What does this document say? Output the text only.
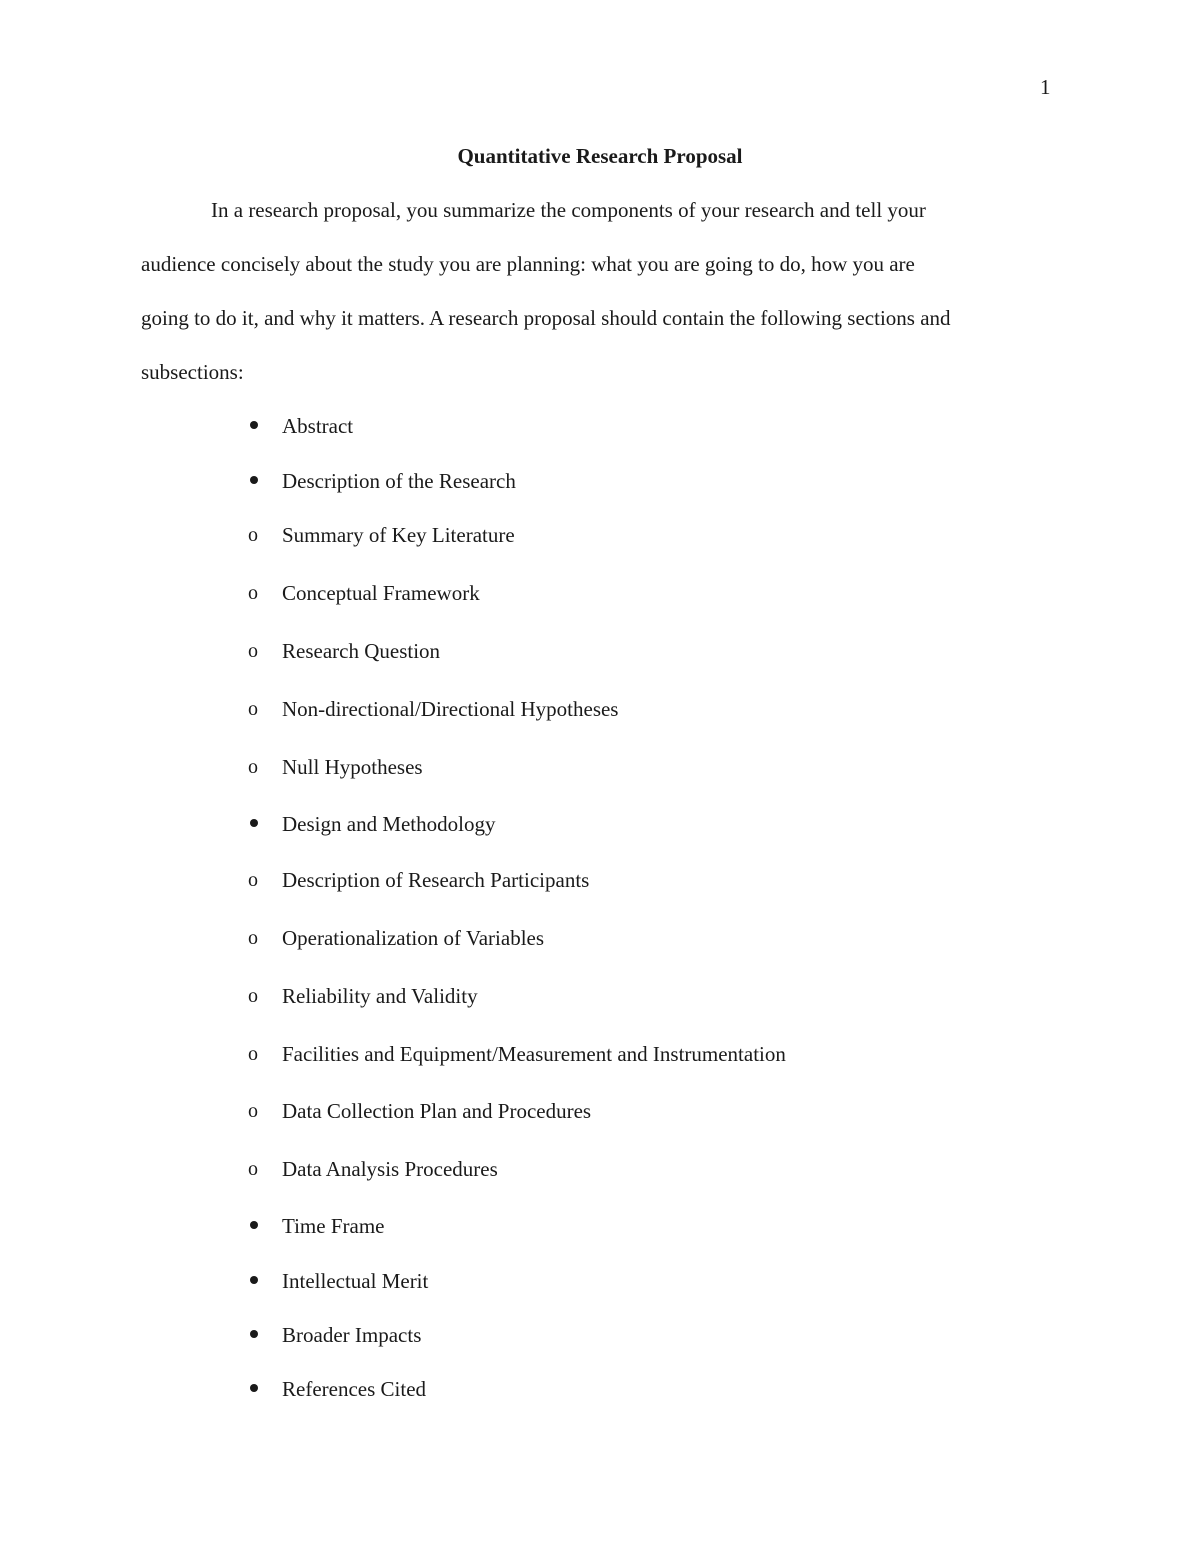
1
Quantitative Research Proposal
In a research proposal, you summarize the components of your research and tell your
audience concisely about the study you are planning: what you are going to do, how you are
going to do it, and why it matters. A research proposal should contain the following sections and
subsections:
Abstract
Description of the Research
o Summary of Key Literature
o Conceptual Framework
o Research Question
o Non-directional/Directional Hypotheses
o Null Hypotheses
Design and Methodology
o Description of Research Participants
o Operationalization of Variables
o Reliability and Validity
o Facilities and Equipment/Measurement and Instrumentation
o Data Collection Plan and Procedures
o Data Analysis Procedures
Time Frame
Intellectual Merit
Broader Impacts
References Cited
